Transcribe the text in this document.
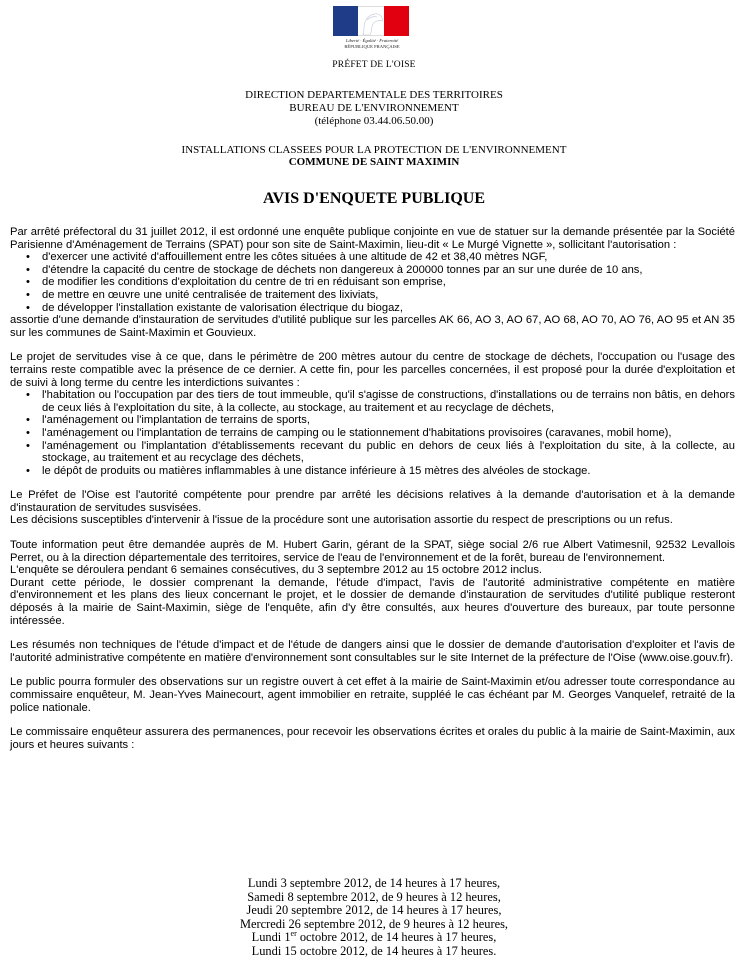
Liberté · Égalité · Fraternité
RÉPUBLIQUE FRANÇAISE
PRÉFET DE L'OISE
DIRECTION DEPARTEMENTALE DES TERRITOIRES
BUREAU DE L'ENVIRONNEMENT
(téléphone 03.44.06.50.00)
INSTALLATIONS CLASSEES POUR LA PROTECTION DE L'ENVIRONNEMENT
COMMUNE DE SAINT MAXIMIN
AVIS D'ENQUETE PUBLIQUE

Par arrêté préfectoral du 31 juillet 2012, il est ordonné une enquête publique conjointe en vue de statuer sur la demande présentée par la Société Parisienne d'Aménagement de Terrains (SPAT) pour son site de Saint-Maximin, lieu-dit « Le Murgé Vignette », sollicitant l'autorisation :

• d'exercer une activité d'affouillement entre les côtes situées à une altitude de 42 et 38,40 mètres NGF,
• d'étendre la capacité du centre de stockage de déchets non dangereux à 200000 tonnes par an sur une durée de 10 ans,
• de modifier les conditions d'exploitation du centre de tri en réduisant son emprise,
• de mettre en œuvre une unité centralisée de traitement des lixiviats,
• de développer l'installation existante de valorisation électrique du biogaz,

assortie d'une demande d'instauration de servitudes d'utilité publique sur les parcelles AK 66, AO 3, AO 67, AO 68, AO 70, AO 76, AO 95 et AN 35 sur les communes de Saint-Maximin et Gouvieux.

Le projet de servitudes vise à ce que, dans le périmètre de 200 mètres autour du centre de stockage de déchets, l'occupation ou l'usage des terrains reste compatible avec la présence de ce dernier. A cette fin, pour les parcelles concernées, il est proposé pour la durée d'exploitation et de suivi à long terme du centre les interdictions suivantes :

• l'habitation ou l'occupation par des tiers de tout immeuble, qu'il s'agisse de constructions, d'installations ou de terrains non bâtis, en dehors de ceux liés à l'exploitation du site, à la collecte, au stockage, au traitement et au recyclage de déchets,
• l'aménagement ou l'implantation de terrains de sports,
• l'aménagement ou l'implantation de terrains de camping ou le stationnement d'habitations provisoires (caravanes, mobil home),
• l'aménagement ou l'implantation d'établissements recevant du public en dehors de ceux liés à l'exploitation du site, à la collecte, au stockage, au traitement et au recyclage des déchets,
• le dépôt de produits ou matières inflammables à une distance inférieure à 15 mètres des alvéoles de stockage.

Le Préfet de l'Oise est l'autorité compétente pour prendre par arrêté les décisions relatives à la demande d'autorisation et à la demande d'instauration de servitudes susvisées.

Les décisions susceptibles d'intervenir à l'issue de la procédure sont une autorisation assortie du respect de prescriptions ou un refus.

Toute information peut être demandée auprès de M. Hubert Garin, gérant de la SPAT, siège social 2/6 rue Albert Vatimesnil, 92532 Levallois Perret, ou à la direction départementale des territoires, service de l'eau de l'environnement et de la forêt, bureau de l'environnement.

L'enquête se déroulera pendant 6 semaines consécutives, du 3 septembre 2012 au 15 octobre 2012 inclus.

Durant cette période, le dossier comprenant la demande, l'étude d'impact, l'avis de l'autorité administrative compétente en matière d'environnement et les plans des lieux concernant le projet, et le dossier de demande d'instauration de servitudes d'utilité publique resteront déposés à la mairie de Saint-Maximin, siège de l'enquête, afin d'y être consultés, aux heures d'ouverture des bureaux, par toute personne intéressée.

Les résumés non techniques de l'étude d'impact et de l'étude de dangers ainsi que le dossier de demande d'autorisation d'exploiter et l'avis de l'autorité administrative compétente en matière d'environnement sont consultables sur le site Internet de la préfecture de l'Oise (www.oise.gouv.fr).

Le public pourra formuler des observations sur un registre ouvert à cet effet à la mairie de Saint-Maximin et/ou adresser toute correspondance au commissaire enquêteur, M. Jean-Yves Mainecourt, agent immobilier en retraite, suppléé le cas échéant par M. Georges Vanquelef, retraité de la police nationale.

Le commissaire enquêteur assurera des permanences, pour recevoir les observations écrites et orales du public à la mairie de Saint-Maximin, aux jours et heures suivants :

Lundi 3 septembre 2012, de 14 heures à 17 heures,
Samedi 8 septembre 2012, de 9 heures à 12 heures,
Jeudi 20 septembre 2012, de 14 heures à 17 heures,
Mercredi 26 septembre 2012, de 9 heures à 12 heures,
Lundi 1er octobre 2012, de 14 heures à 17 heures,
Lundi 15 octobre 2012, de 14 heures à 17 heures.
